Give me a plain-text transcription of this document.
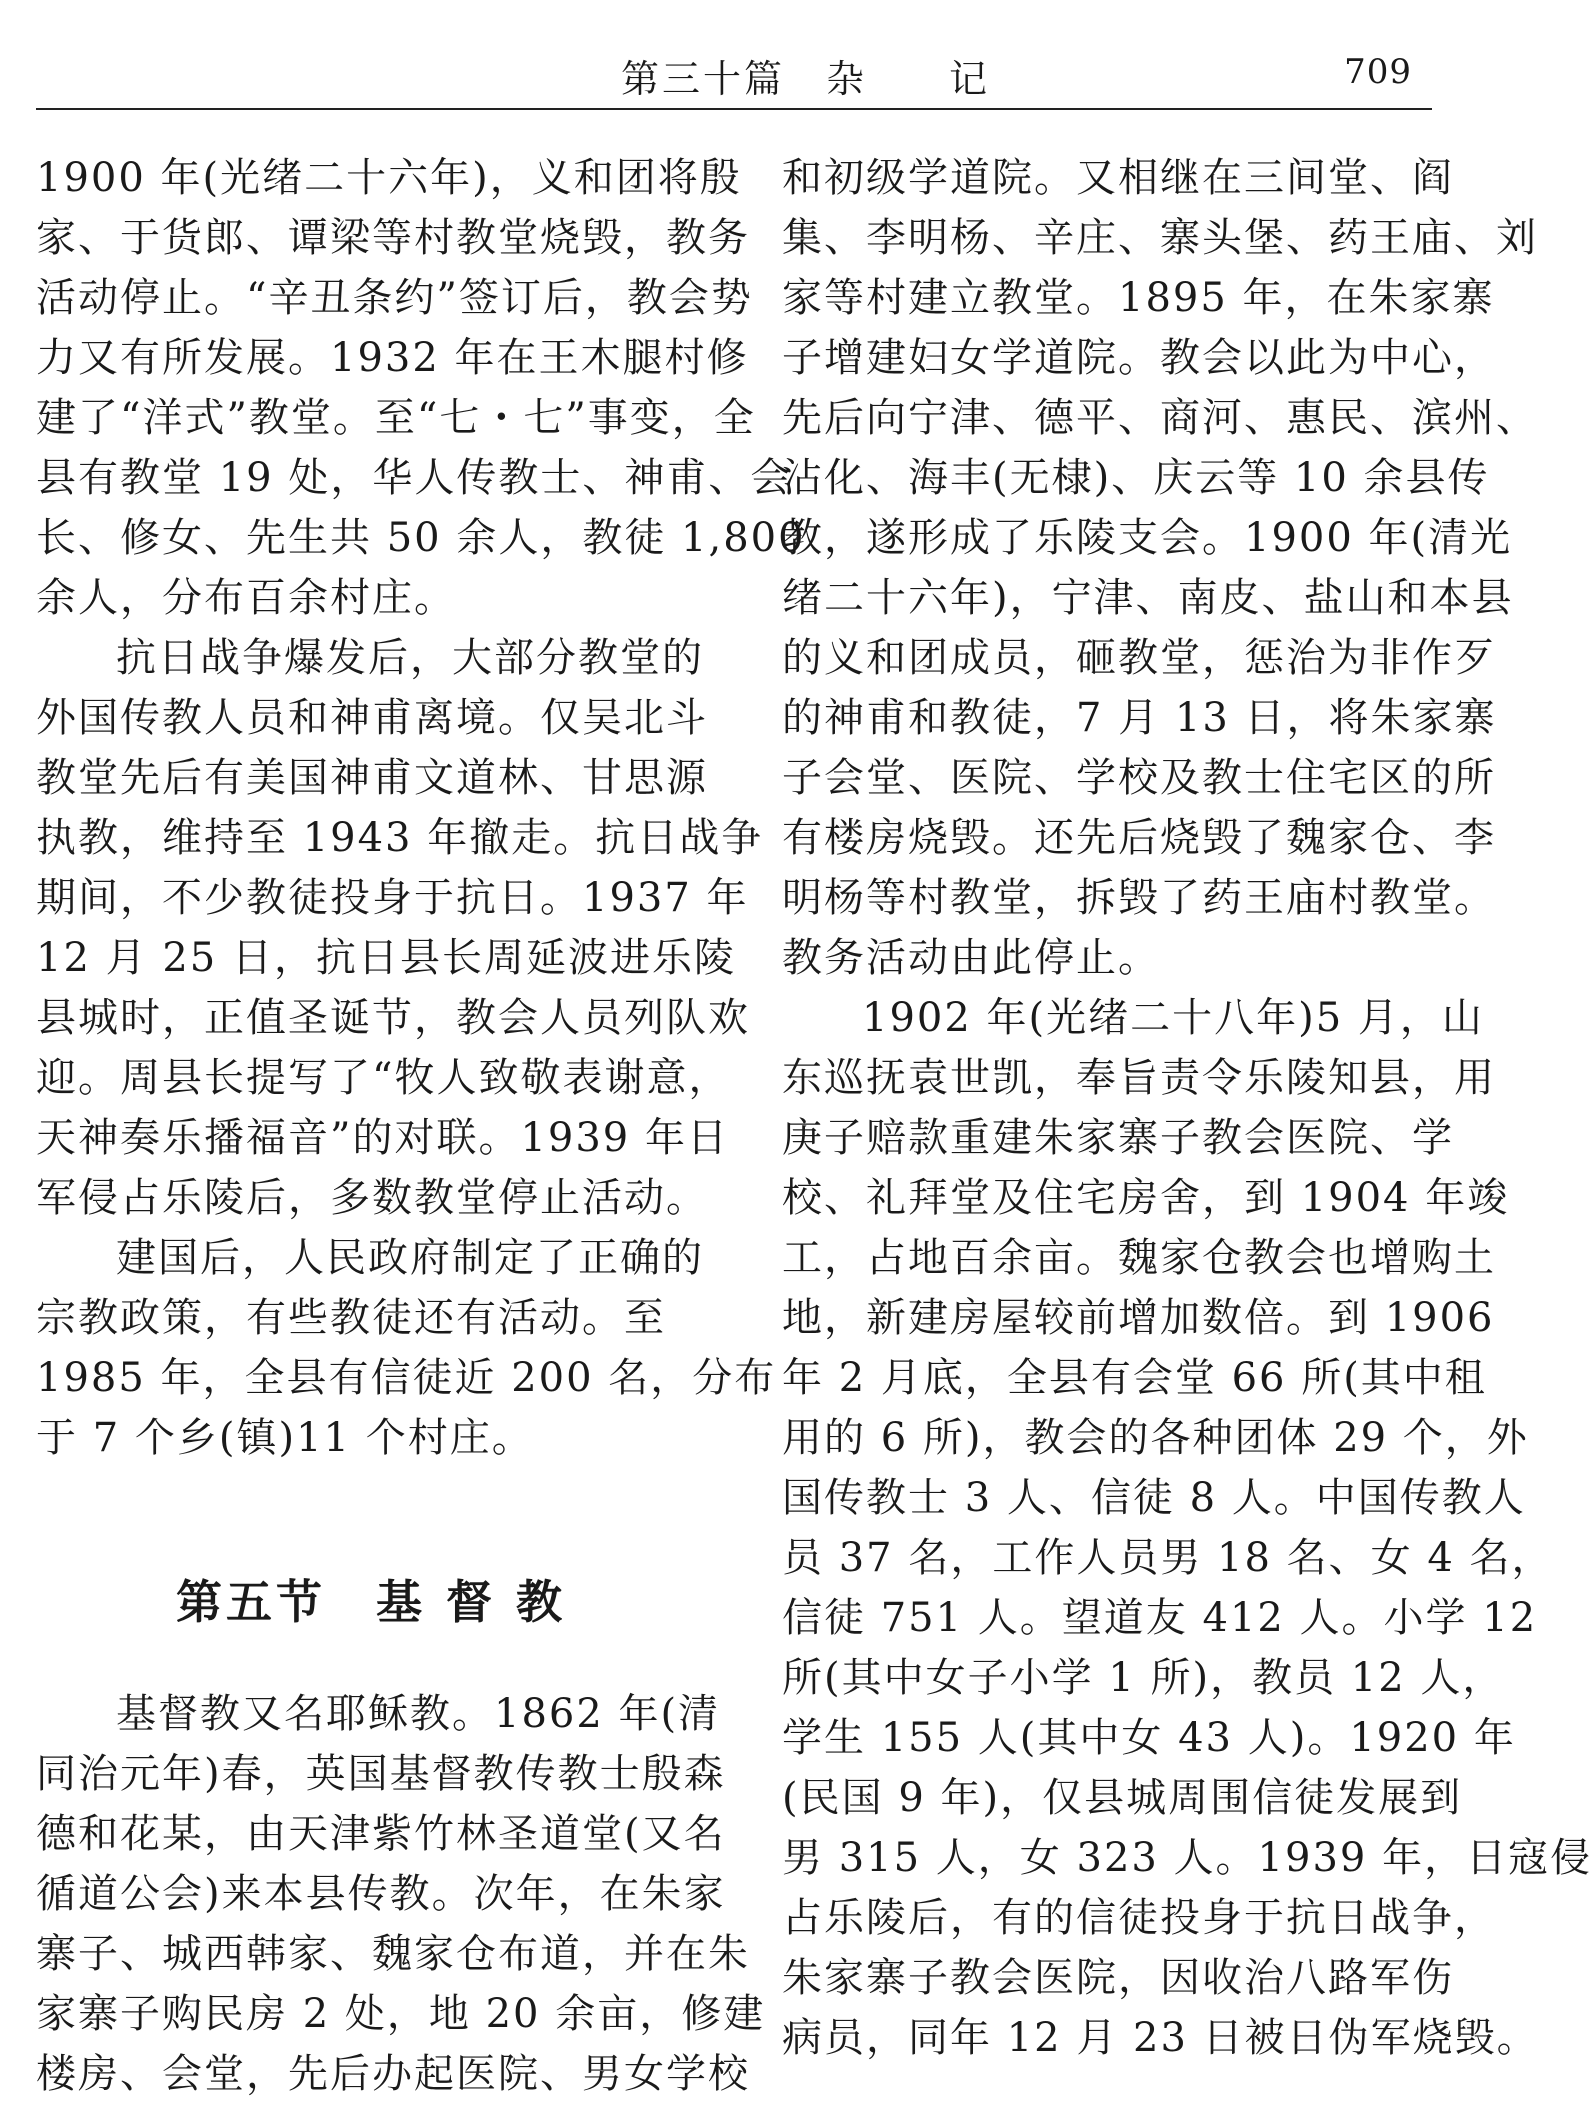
第三十篇　杂　　记	709
1900 年(光绪二十六年)，义和团将殷
家、于货郎、谭梁等村教堂烧毁，教务
活动停止。“辛丑条约”签订后，教会势
力又有所发展。1932 年在王木腿村修
建了“洋式”教堂。至“七・七”事变，全
县有教堂 19 处，华人传教士、神甫、会
长、修女、先生共 50 余人，教徒 1,800
余人，分布百余村庄。
抗日战争爆发后，大部分教堂的
外国传教人员和神甫离境。仅吴北斗
教堂先后有美国神甫文道林、甘思源
执教，维持至 1943 年撤走。抗日战争
期间，不少教徒投身于抗日。1937 年
12 月 25 日，抗日县长周延波进乐陵
县城时，正值圣诞节，教会人员列队欢
迎。周县长提写了“牧人致敬表谢意，
天神奏乐播福音”的对联。1939 年日
军侵占乐陵后，多数教堂停止活动。
建国后，人民政府制定了正确的
宗教政策，有些教徒还有活动。至
1985 年，全县有信徒近 200 名，分布
于 7 个乡(镇)11 个村庄。
第五节　基 督 教
基督教又名耶稣教。1862 年(清
同治元年)春，英国基督教传教士殷森
德和花某，由天津紫竹林圣道堂(又名
循道公会)来本县传教。次年，在朱家
寨子、城西韩家、魏家仓布道，并在朱
家寨子购民房 2 处，地 20 余亩，修建
楼房、会堂，先后办起医院、男女学校
和初级学道院。又相继在三间堂、阎
集、李明杨、辛庄、寨头堡、药王庙、刘
家等村建立教堂。1895 年，在朱家寨
子增建妇女学道院。教会以此为中心，
先后向宁津、德平、商河、惠民、滨州、
沾化、海丰(无棣)、庆云等 10 余县传
教，遂形成了乐陵支会。1900 年(清光
绪二十六年)，宁津、南皮、盐山和本县
的义和团成员，砸教堂，惩治为非作歹
的神甫和教徒，7 月 13 日，将朱家寨
子会堂、医院、学校及教士住宅区的所
有楼房烧毁。还先后烧毁了魏家仓、李
明杨等村教堂，拆毁了药王庙村教堂。
教务活动由此停止。
1902 年(光绪二十八年)5 月，山
东巡抚袁世凯，奉旨责令乐陵知县，用
庚子赔款重建朱家寨子教会医院、学
校、礼拜堂及住宅房舍，到 1904 年竣
工，占地百余亩。魏家仓教会也增购土
地，新建房屋较前增加数倍。到 1906
年 2 月底，全县有会堂 66 所(其中租
用的 6 所)，教会的各种团体 29 个，外
国传教士 3 人、信徒 8 人。中国传教人
员 37 名，工作人员男 18 名、女 4 名，
信徒 751 人。望道友 412 人。小学 12
所(其中女子小学 1 所)，教员 12 人，
学生 155 人(其中女 43 人)。1920 年
(民国 9 年)，仅县城周围信徒发展到
男 315 人，女 323 人。1939 年，日寇侵
占乐陵后，有的信徒投身于抗日战争，
朱家寨子教会医院，因收治八路军伤
病员，同年 12 月 23 日被日伪军烧毁。
